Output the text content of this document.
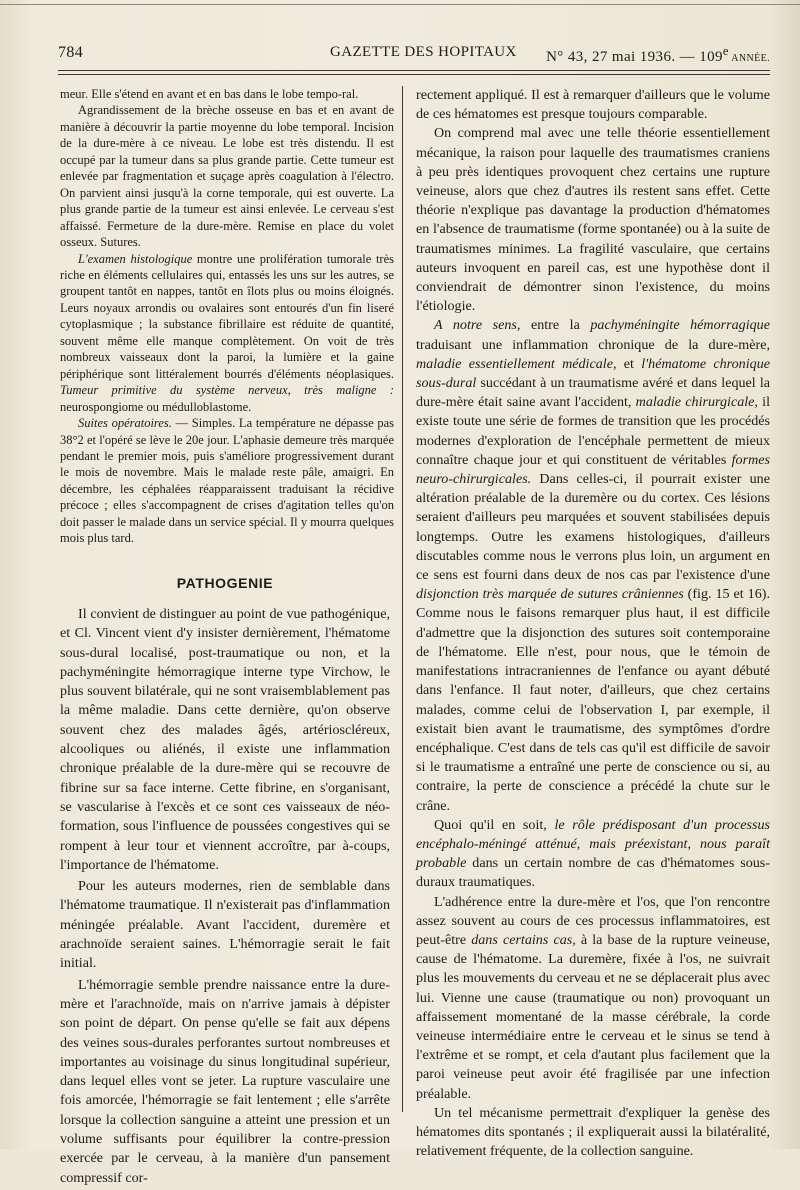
784	GAZETTE DES HOPITAUX N° 43, 27 mai 1936. — 109e ANNÉE.

meur. Elle s'étend en avant et en bas dans le lobe tempo-ral.

Agrandissement de la brèche osseuse en bas et en avant de manière à découvrir la partie moyenne du lobe temporal. Incision de la dure-mère à ce niveau. Le lobe est très distendu. Il est occupé par la tumeur dans sa plus grande partie. Cette tumeur est enlevée par fragmentation et suçage après coagulation à l'électro. On parvient ainsi jusqu'à la corne temporale, qui est ouverte. La plus grande partie de la tumeur est ainsi enlevée. Le cerveau s'est affaissé. Fermeture de la dure-mère. Remise en place du volet osseux. Sutures.

L'examen histologique montre une prolifération tumorale très riche en éléments cellulaires qui, entassés les uns sur les autres, se groupent tantôt en nappes, tantôt en îlots plus ou moins éloignés. Leurs noyaux arrondis ou ovalaires sont entourés d'un fin liseré cytoplasmique ; la substance fibrillaire est réduite de quantité, souvent même elle manque complètement. On voit de très nombreux vaisseaux dont la paroi, la lumière et la gaine périphérique sont littéralement bourrés d'éléments néoplasiques. Tumeur primitive du système nerveux, très maligne : neurospongiome ou médulloblastome.

Suites opératoires. — Simples. La température ne dépasse pas 38°2 et l'opéré se lève le 20e jour. L'aphasie demeure très marquée pendant le premier mois, puis s'améliore progressivement durant le mois de novembre. Mais le malade reste pâle, amaigri. En décembre, les céphalées réapparaissent traduisant la récidive précoce ; elles s'accompagnent de crises d'agitation telles qu'on doit passer le malade dans un service spécial. Il y mourra quelques mois plus tard.

PATHOGENIE

Il convient de distinguer au point de vue pathogénique, et Cl. Vincent vient d'y insister dernièrement, l'hématome sous-dural localisé, post-traumatique ou non, et la pachyméningite hémorragique interne type Virchow, le plus souvent bilatérale, qui ne sont vraisemblablement pas la même maladie. Dans cette dernière, qu'on observe souvent chez des malades âgés, artérioscléreux, alcooliques ou aliénés, il existe une inflammation chronique préalable de la dure-mère qui se recouvre de fibrine sur sa face interne. Cette fibrine, en s'organisant, se vascularise à l'excès et ce sont ces vaisseaux de néo-formation, sous l'influence de poussées congestives qui se rompent à leur tour et viennent accroître, par à-coups, l'importance de l'hématome.

Pour les auteurs modernes, rien de semblable dans l'hématome traumatique. Il n'existerait pas d'inflammation méningée préalable. Avant l'accident, duremère et arachnoïde seraient saines. L'hémorragie serait le fait initial.

L'hémorragie semble prendre naissance entre la dure-mère et l'arachnoïde, mais on n'arrive jamais à dépister son point de départ. On pense qu'elle se fait aux dépens des veines sous-durales perforantes surtout nombreuses et importantes au voisinage du sinus longitudinal supérieur, dans lequel elles vont se jeter. La rupture vasculaire une fois amorcée, l'hémorragie se fait lentement ; elle s'arrête lorsque la collection sanguine a atteint une pression et un volume suffisants pour équilibrer la contre-pression exercée par le cerveau, à la manière d'un pansement compressif cor-

rectement appliqué. Il est à remarquer d'ailleurs que le volume de ces hématomes est presque toujours comparable.

On comprend mal avec une telle théorie essentiellement mécanique, la raison pour laquelle des traumatismes craniens à peu près identiques provoquent chez certains une rupture veineuse, alors que chez d'autres ils restent sans effet. Cette théorie n'explique pas davantage la production d'hématomes en l'absence de traumatisme (forme spontanée) ou à la suite de traumatismes minimes. La fragilité vasculaire, que certains auteurs invoquent en pareil cas, est une hypothèse dont il conviendrait de démontrer sinon l'existence, du moins l'étiologie.

A notre sens, entre la pachyméningite hémorragique traduisant une inflammation chronique de la dure-mère, maladie essentiellement médicale, et l'hématome chronique sous-dural succédant à un traumatisme avéré et dans lequel la dure-mère était saine avant l'accident, maladie chirurgicale, il existe toute une série de formes de transition que les procédés modernes d'exploration de l'encéphale permettent de mieux connaître chaque jour et qui constituent de véritables formes neuro-chirurgicales. Dans celles-ci, il pourrait exister une altération préalable de la duremère ou du cortex. Ces lésions seraient d'ailleurs peu marquées et souvent stabilisées depuis longtemps. Outre les examens histologiques, d'ailleurs discutables comme nous le verrons plus loin, un argument en ce sens est fourni dans deux de nos cas par l'existence d'une disjonction très marquée de sutures crâniennes (fig. 15 et 16). Comme nous le faisons remarquer plus haut, il est difficile d'admettre que la disjonction des sutures soit contemporaine de l'hématome. Elle n'est, pour nous, que le témoin de manifestations intracraniennes de l'enfance ou ayant débuté dans l'enfance. Il faut noter, d'ailleurs, que chez certains malades, comme celui de l'observation I, par exemple, il existait bien avant le traumatisme, des symptômes d'ordre encéphalique. C'est dans de tels cas qu'il est difficile de savoir si le traumatisme a entraîné une perte de conscience ou si, au contraire, la perte de conscience a précédé la chute sur le crâne.

Quoi qu'il en soit, le rôle prédisposant d'un processus encéphalo-méningé atténué, mais préexistant, nous paraît probable dans un certain nombre de cas d'hématomes sous-duraux traumatiques.

L'adhérence entre la dure-mère et l'os, que l'on rencontre assez souvent au cours de ces processus inflammatoires, est peut-être dans certains cas, à la base de la rupture veineuse, cause de l'hématome. La duremère, fixée à l'os, ne suivrait plus les mouvements du cerveau et ne se déplacerait plus avec lui. Vienne une cause (traumatique ou non) provoquant un affaissement momentané de la masse cérébrale, la corde veineuse intermédiaire entre le cerveau et le sinus se tend à l'extrême et se rompt, et cela d'autant plus facilement que la paroi veineuse peut avoir été fragilisée par une infection préalable.

Un tel mécanisme permettrait d'expliquer la genèse des hématomes dits spontanés ; il expliquerait aussi la bilatéralité, relativement fréquente, de la collection sanguine.
